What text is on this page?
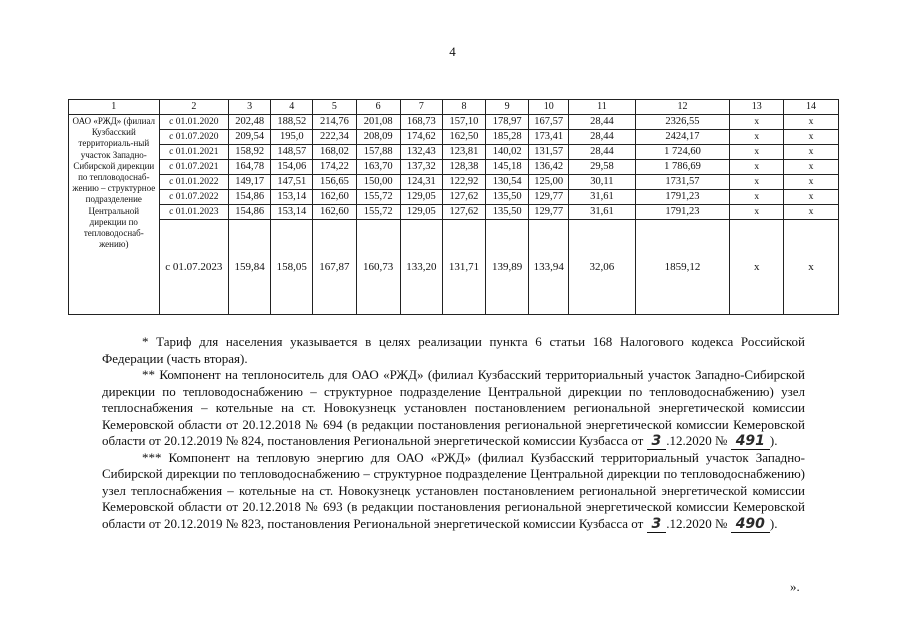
4
1	2	3	4	5	6	7	8	9	10	11	12	13	14
ОАО «РЖД» (филиал Кузбасский территориаль-ный участок Западно-Сибирской дирекции по тепловодоснаб-жению – структурное подразделение Центральной дирекции по тепловодоснаб-жению)	с 01.01.2020	202,48	188,52	214,76	201,08	168,73	157,10	178,97	167,57	28,44	2326,55	х	х
	с 01.07.2020	209,54	195,0	222,34	208,09	174,62	162,50	185,28	173,41	28,44	2424,17	х	х
	с 01.01.2021	158,92	148,57	168,02	157,88	132,43	123,81	140,02	131,57	28,44	1 724,60	х	х
	с 01.07.2021	164,78	154,06	174,22	163,70	137,32	128,38	145,18	136,42	29,58	1 786,69	х	х
	с 01.01.2022	149,17	147,51	156,65	150,00	124,31	122,92	130,54	125,00	30,11	1731,57	х	х
	с 01.07.2022	154,86	153,14	162,60	155,72	129,05	127,62	135,50	129,77	31,61	1791,23	х	х
	с 01.01.2023	154,86	153,14	162,60	155,72	129,05	127,62	135,50	129,77	31,61	1791,23	х	х
	с 01.07.2023	159,84	158,05	167,87	160,73	133,20	131,71	139,89	133,94	32,06	1859,12	х	х

* Тариф для населения указывается в целях реализации пункта 6 статьи 168 Налогового кодекса Российской Федерации (часть вторая).

** Компонент на теплоноситель для ОАО «РЖД» (филиал Кузбасский территориальный участок Западно-Сибирской дирекции по тепловодоснабжению – структурное подразделение Центральной дирекции по тепловодоснабжению) узел теплоснабжения – котельные на ст. Новокузнецк установлен постановлением региональной энергетической комиссии Кемеровской области от 20.12.2018 № 694 (в редакции постановления региональной энергетической комиссии Кемеровской области от 20.12.2019 № 824, постановления Региональной энергетической комиссии Кузбасса от 3 .12.2020 № 491 ).

*** Компонент на тепловую энергию для ОАО «РЖД» (филиал Кузбасский территориальный участок Западно-Сибирской дирекции по тепловодоснабжению – структурное подразделение Центральной дирекции по тепловодоснабжению) узел теплоснабжения – котельные на ст. Новокузнецк установлен постановлением региональной энергетической комиссии Кемеровской области от 20.12.2018 № 693 (в редакции постановления региональной энергетической комиссии Кемеровской области от 20.12.2019 № 823, постановления Региональной энергетической комиссии Кузбасса от 3 .12.2020 № 490 ).

».
